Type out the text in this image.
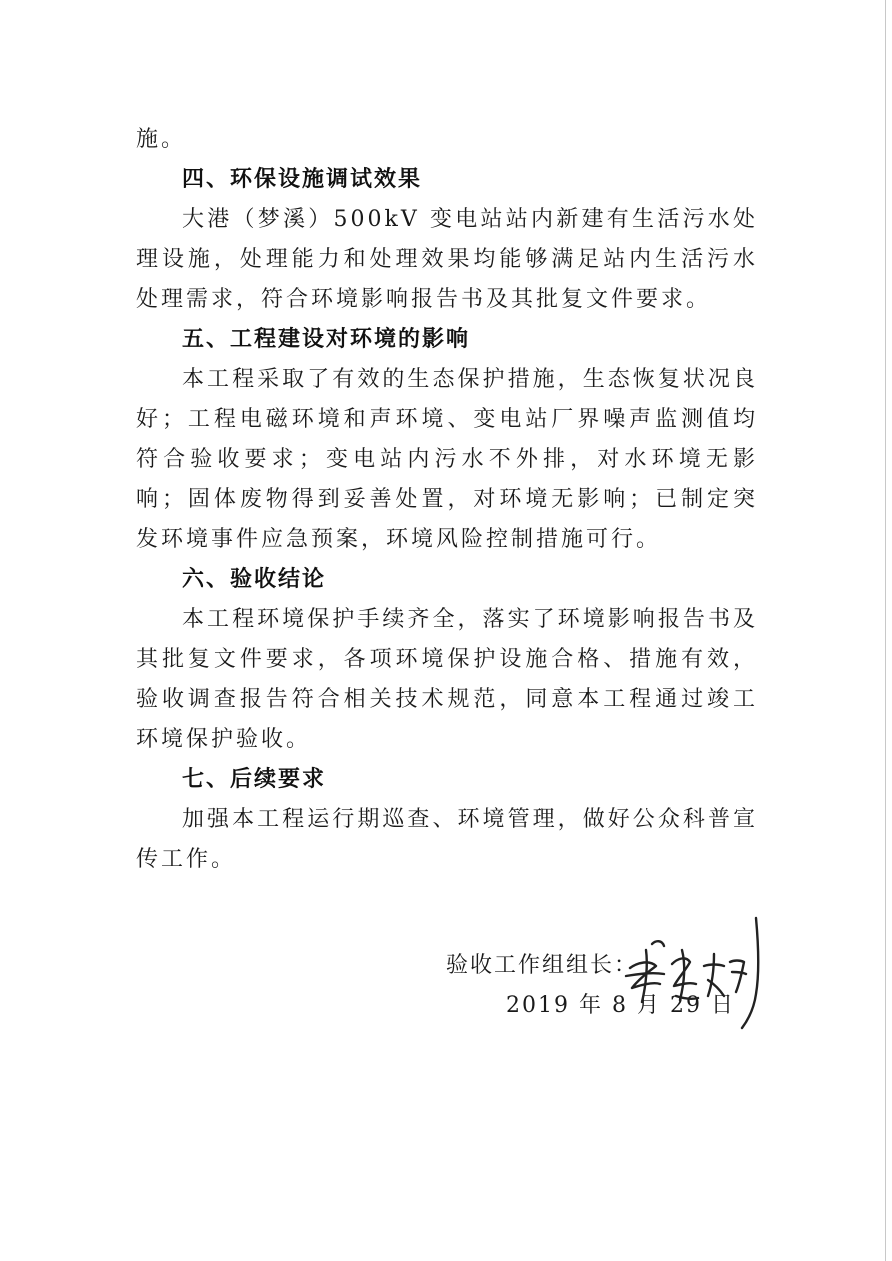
施。

四、环保设施调试效果

大港（梦溪）500kV 变电站站内新建有生活污水处理设施，处理能力和处理效果均能够满足站内生活污水处理需求，符合环境影响报告书及其批复文件要求。

五、工程建设对环境的影响

本工程采取了有效的生态保护措施，生态恢复状况良好；工程电磁环境和声环境、变电站厂界噪声监测值均符合验收要求；变电站内污水不外排，对水环境无影响；固体废物得到妥善处置，对环境无影响；已制定突发环境事件应急预案，环境风险控制措施可行。

六、验收结论

本工程环境保护手续齐全，落实了环境影响报告书及其批复文件要求，各项环境保护设施合格、措施有效，验收调查报告符合相关技术规范，同意本工程通过竣工环境保护验收。

七、后续要求

加强本工程运行期巡查、环境管理，做好公众科普宣传工作。

验收工作组组长：
2019 年 8 月 29 日
